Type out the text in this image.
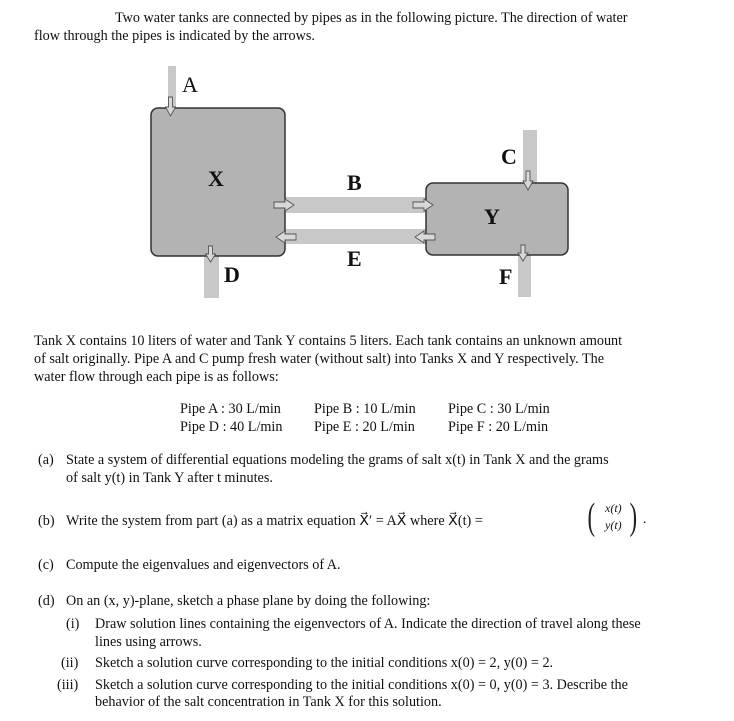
Two water tanks are connected by pipes as in the following picture. The direction of water
flow through the pipes is indicated by the arrows.
A
X	B
C
Y
E
D	F
Tank X contains 10 liters of water and Tank Y contains 5 liters. Each tank contains an unknown amount
of salt originally. Pipe A and C pump fresh water (without salt) into Tanks X and Y respectively. The
water flow through each pipe is as follows:
Pipe A : 30 L/min Pipe B : 10 L/min Pipe C : 30 L/min
Pipe D : 40 L/min Pipe E : 20 L/min Pipe F : 20 L/min
(a) State a system of differential equations modeling the grams of salt x(t) in Tank X and the grams
of salt y(t) in Tank Y after t minutes.
(b) Write the system from part (a) as a matrix equation X⃗′ = AX⃗ where X⃗(t) =	( x(t)
y(t) ) .
(c) Compute the eigenvalues and eigenvectors of A.
(d) On an (x, y)-plane, sketch a phase plane by doing the following:
(i) Draw solution lines containing the eigenvectors of A. Indicate the direction of travel along these
lines using arrows.
(ii) Sketch a solution curve corresponding to the initial conditions x(0) = 2, y(0) = 2.
(iii) Sketch a solution curve corresponding to the initial conditions x(0) = 0, y(0) = 3. Describe the
behavior of the salt concentration in Tank X for this solution.
